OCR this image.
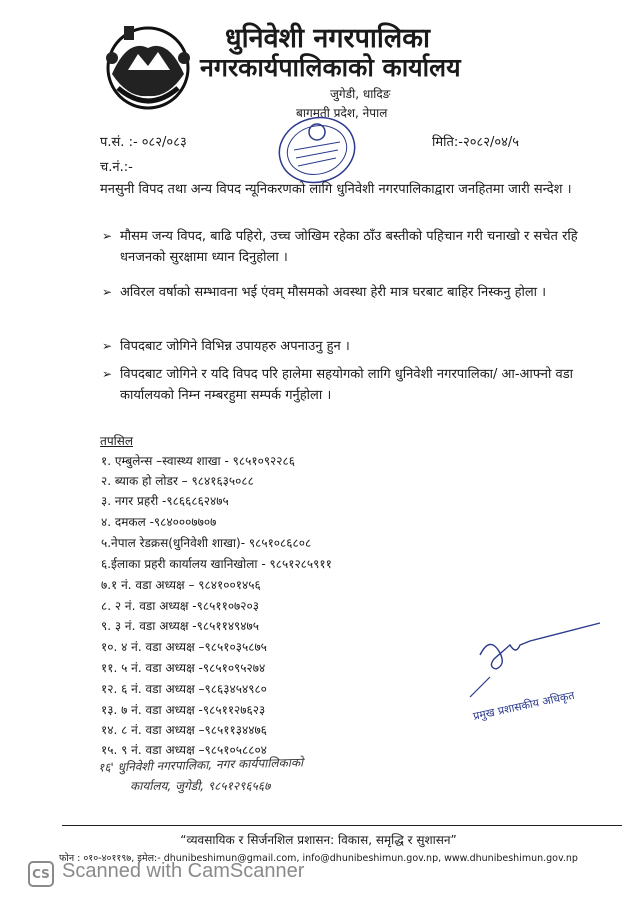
धुनिवेशी नगरपालिका
नगरकार्यपालिकाको कार्यालय
जुगेडी, धादिङ
बागमती प्रदेश, नेपाल
प.सं. :- ०८२/०८३
च.नं.:-
मिति:-२०८२/०४/५
मनसुनी विपद तथा अन्य विपद न्यूनिकरणको लागि धुनिवेशी नगरपालिकाद्वारा जनहितमा जारी सन्देश ।
➢ मौसम जन्य विपद, बाढि पहिरो, उच्च जोखिम रहेका ठाँउ बस्तीको पहिचान गरी चनाखो र सचेत रहि धनजनको सुरक्षामा ध्यान दिनुहोला ।
➢ अविरल वर्षाको सम्भावना भई एंवम् मौसमको अवस्था हेरी मात्र घरबाट बाहिर निस्कनु होला ।
➢ विपदबाट जोगिने विभिन्न उपायहरु अपनाउनु हुन ।
➢ विपदबाट जोगिने र यदि विपद परि हालेमा सहयोगको लागि धुनिवेशी नगरपालिका/ आ-आफ्नो वडा कार्यालयको निम्न नम्बरहुमा सम्पर्क गर्नुहोला ।
तपसिल
१. एम्बुलेन्स –स्वास्थ्य शाखा - ९८५१०९२२८६
२. ब्याक हो लोडर – ९८४१६३५०८८
३. नगर प्रहरी -९८६६८६२४७५
४. दमकल -९८४०००७७०७
५.नेपाल रेडक्रस(धुनिवेशी शाखा)- ९८५१०८६८०८
६.ईलाका प्रहरी कार्यालय खानिखोला - ९८५१२८५९११
७.१ नं. वडा अध्यक्ष – ९८४१००१४५६
८. २ नं. वडा अध्यक्ष -९८५११०७२०३
९. ३ नं. वडा अध्यक्ष -९८५११४९४७५
१०. ४ नं. वडा अध्यक्ष –९८५१०३५८७५
११. ५ नं. वडा अध्यक्ष -९८५१०९५२७४
१२. ६ नं. वडा अध्यक्ष –९८६३४५४९८०
१३. ७ नं. वडा अध्यक्ष -९८५११२७६२३
१४. ८ नं. वडा अध्यक्ष –९८५११३४४७६
१५. ९ नं. वडा अध्यक्ष –९८५१०५८८०४
१६' धुनिवेशी नगरपालिका, नगर कार्यपालिकाको
कार्यालय, जुगेडी, ९८५१२९६५६७
प्रमुख प्रशासकीय अधिकृत
“व्यवसायिक र सिर्जनशिल प्रशासन: विकास, समृद्धि र सुशासन”
फोन : ०१०-४०११९७, इमेल:- dhunibeshimun@gmail.com, info@dhunibeshimun.gov.np, www.dhunibeshimun.gov.np
CS Scanned with CamScanner
